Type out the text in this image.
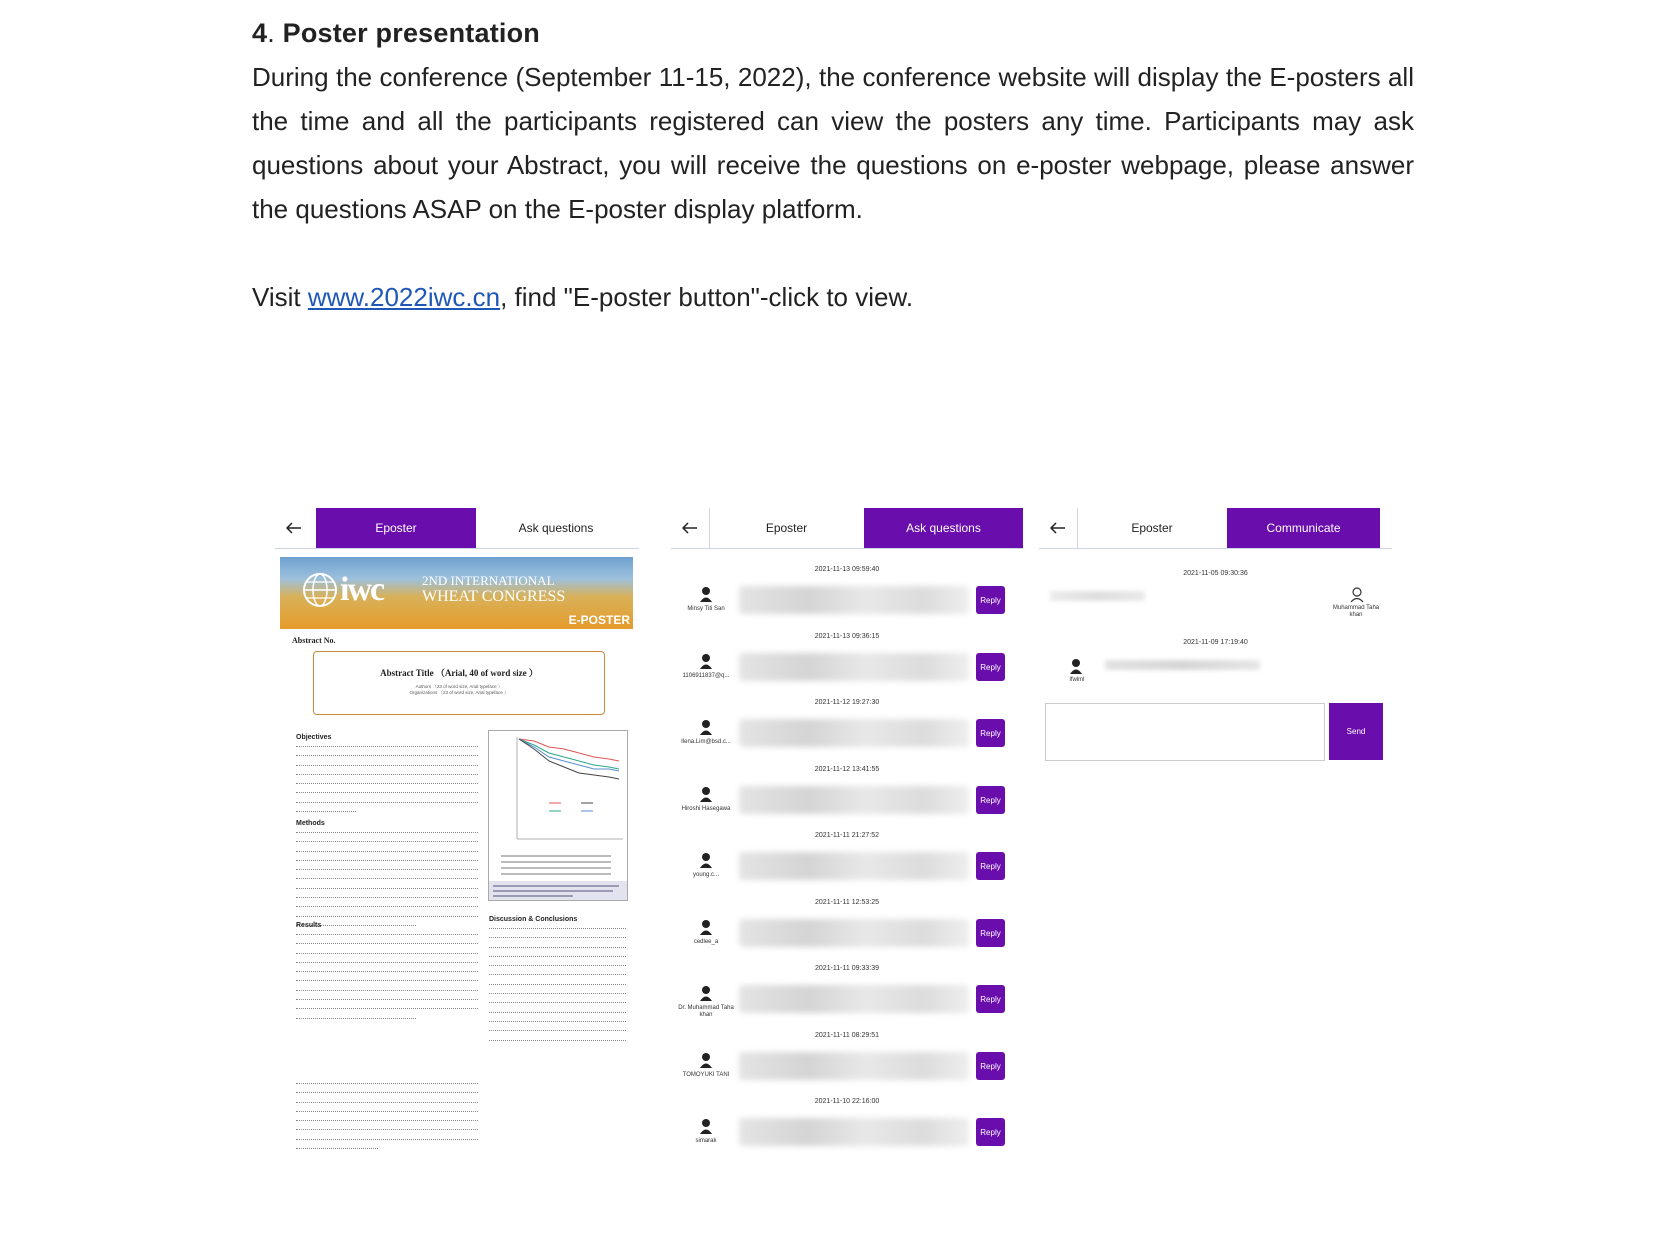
4. Poster presentation

During the conference (September 11-15, 2022), the conference website will display the E-posters all the time and all the participants registered can view the posters any time. Participants may ask questions about your Abstract, you will receive the questions on e-poster webpage, please answer the questions ASAP on the E-poster display platform.

Visit www.2022iwc.cn, find "E-poster button"-click to view.
Eposter	Ask questions
iwc	2ND INTERNATIONAL
WHEAT CONGRESS
E-POSTER
Abstract No.
Abstract Title （Arial, 40 of word size ）
Authors （23 of word size, Arial typeface ）
Organizations （23 of word size, Arial typeface ）
Objectives
Methods
Results
Discussion & Conclusions
Eposter	Ask questions
2021-11-13 09:59:40
Minsy Titi San
Reply
2021-11-13 09:36:15
1106911837@q...
Reply
2021-11-12 19:27:30
Ilena.Lim@bsd.c...
Reply
2021-11-12 13:41:55
Hiroshi Hasegawa
Reply
2021-11-11 21:27:52
young.c...
Reply
2021-11-11 12:53:25
cedlee_a
Reply
2021-11-11 09:33:39
Dr. Muhammad Taha khan
Reply
2021-11-11 08:29:51
TOMOYUKI TANI
Reply
2021-11-10 22:16:00
simarak
Reply
Eposter	Communicate
2021-11-05 09:30:36
Muhammad Taha khan
2021-11-09 17:19:40
lfwlml
Send
